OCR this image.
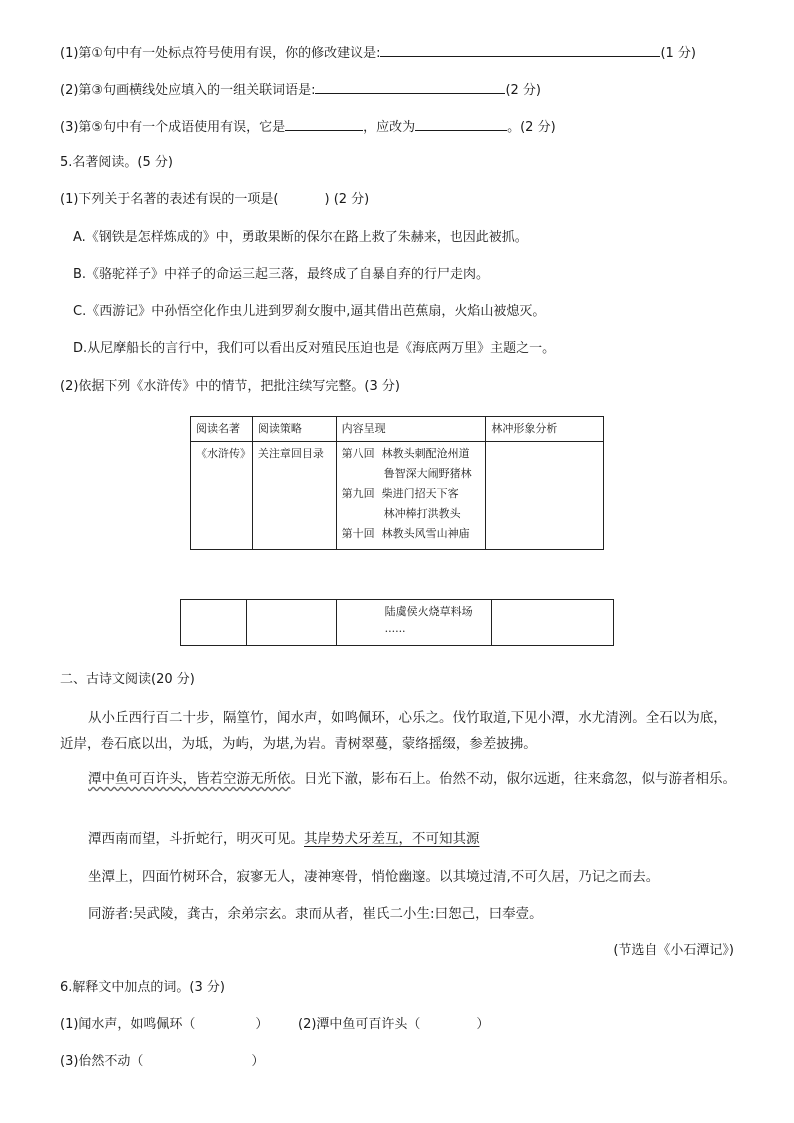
(1)第①句中有一处标点符号使用有误，你的修改建议是:	(1 分)
(2)第③句画横线处应填入的一组关联词语是:	(2 分)
(3)第⑤句中有一个成语使用有误，它是	，应改为	。(2 分)
5.名著阅读。(5 分)
(1)下列关于名著的表述有误的一项是(	) (2 分)
A.《钢铁是怎样炼成的》中，勇敢果断的保尔在路上救了朱赫来，也因此被抓。
B.《骆驼祥子》中祥子的命运三起三落，最终成了自暴自弃的行尸走肉。
C.《西游记》中孙悟空化作虫儿进到罗刹女腹中,逼其借出芭蕉扇，火焰山被熄灭。
D.从尼摩船长的言行中，我们可以看出反对殖民压迫也是《海底两万里》主题之一。
(2)依据下列《水浒传》中的情节，把批注续写完整。(3 分)
阅读名著	阅读策略	内容呈现	林冲形象分析
《水浒传》	关注章回目录	第八回 林教头刺配沧州道
鲁智深大闹野猪林
第九回 柴进门招天下客
林冲棒打洪教头
第十回 林教头风雪山神庙	

陆虞侯火烧草料场
......

二、古诗文阅读(20 分)
从小丘西行百二十步，隔篁竹，闻水声，如鸣佩环，心乐之。伐竹取道,下见小潭，水尤清洌。全石以为底，近岸，卷石底以出，为坻，为屿，为堪,为岩。青树翠蔓，蒙络摇缀，参差披拂。
潭中鱼可百许头，皆若空游无所依。日光下澈，影布石上。佁然不动，俶尔远逝，往来翕忽，似与游者相乐。
潭西南而望，斗折蛇行，明灭可见。其岸势犬牙差互，不可知其源
坐潭上，四面竹树环合，寂寥无人，凄神寒骨，悄怆幽邃。以其境过清,不可久居，乃记之而去。
同游者:吴武陵，龚古，余弟宗玄。隶而从者，崔氏二小生:曰恕己，曰奉壹。
(节选自《小石潭记》)
6.解释文中加点的词。(3 分)
(1)闻水声，如鸣佩环（	） (2)潭中鱼可百许头（	）
(3)佁然不动（	）
